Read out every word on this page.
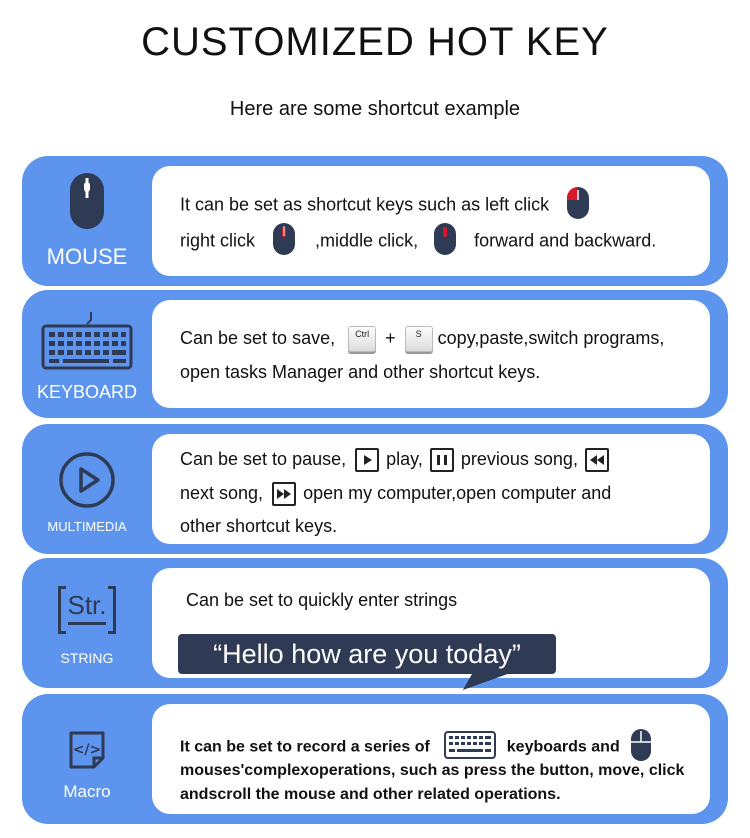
CUSTOMIZED HOT KEY
Here are some shortcut example
MOUSE
It can be set as shortcut keys such as left click
right click	,middle click,	forward and backward.
KEYBOARD
Can be set to save, Ctrl + S copy,paste,switch programs,
open tasks Manager and other shortcut keys.
MULTIMEDIA
Can be set to pause, play, previous song,
next song, open my computer,open computer and
other shortcut keys.
Str.
STRING
Can be set to quickly enter strings
“Hello how are you today”
</>
Macro
It can be set to record a series of	keyboards and
mouses'complexoperations, such as press the button, move, click
andscroll the mouse and other related operations.
